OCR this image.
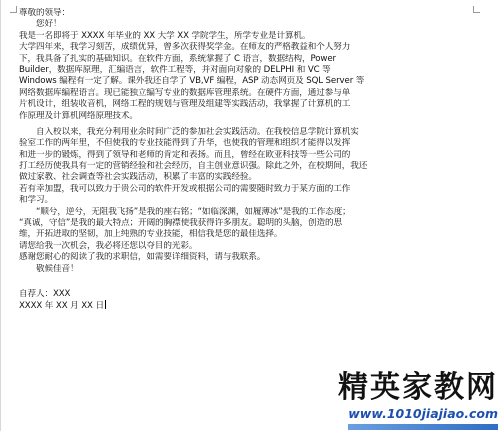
尊敬的领导：
　　您好！
我是一名即将于 XXXX 年毕业的 XX 大学 XX 学院学生，所学专业是计算机。
大学四年来，我学习刻苦，成绩优异，曾多次获得奖学金。在师友的严格教益和个人努力
下，我具备了扎实的基础知识。在软件方面，系统掌握了 C 语言，数据结构，Power
Builder，数据库原理，汇编语言，软件工程等，并对面向对象的 DELPHI 和 VC 等
Windows 编程有一定了解。课外我还自学了 VB,VF 编程，ASP 动态网页及 SQL Server 等
网络数据库编程语言。现已能独立编写专业的数据库管理系统。在硬件方面，通过参与单
片机设计，组装收音机，网络工程的规划与管理及组建等实践活动，我掌握了计算机的工
作原理及计算机网络原理技术。
　　自入校以来，我充分利用业余时间广泛的参加社会实践活动。在我校信息学院计算机实
验室工作的两年里，不但使我的专业技能得到了升华，也使我的管理和组织才能得以发挥
和进一步的锻炼，得到了领导和老师的肯定和表扬。而且，曾经在欧亚科技等一些公司的
打工经历使我具有一定的营销经验和社会经历，自主创业意识强。除此之外，在校期间，我还
做过家教、社会调查等社会实践活动，积累了丰富的实践经验。
若有幸加盟，我可以致力于贵公司的软件开发或根据公司的需要随时致力于某方面的工作
和学习。
　　“顺兮，逆兮，无阻我飞扬”是我的座右铭；“如临深渊，如履薄冰”是我的工作态度；
“真诚，守信”是我的最大特点；开阔的胸襟使我获得许多朋友。聪明的头脑，创造的思
维，开拓进取的坚韧，加上纯熟的专业技能，相信我是您的最佳选择。
请您给我一次机会，我必将还您以夺目的光彩。
感谢您耐心的阅读了我的求职信，如需要详细资料，请与我联系。
　　敬候佳音！
自荐人：XXX
XXXX 年 XX 月 XX 日
精英家教网
www.1010jiajiao.com
